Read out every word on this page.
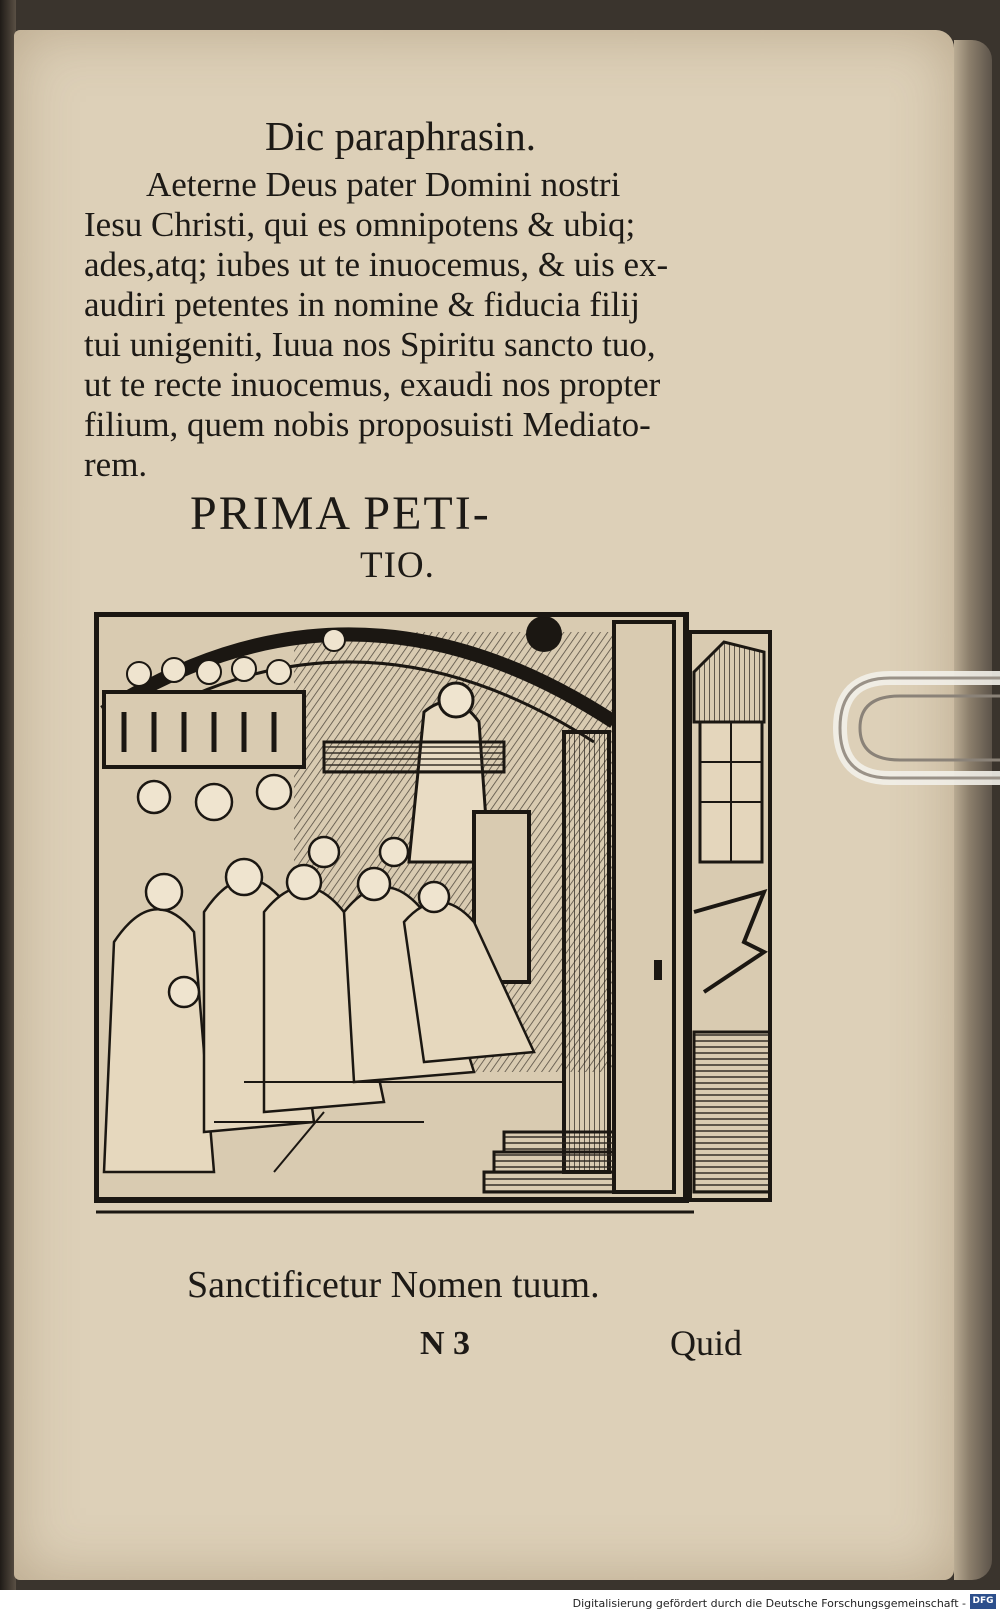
Dic paraphrasin.
Aeterne Deus pater Domini nostri
Iesu Christi, qui es omnipotens & ubiq;
ades,atq; iubes ut te inuocemus, & uis ex-
audiri petentes in nomine & fiducia filij
tui unigeniti, Iuua nos Spiritu sancto tuo,
ut te recte inuocemus, exaudi nos propter
filium, quem nobis proposuisti Mediato-
rem.
PRIMA PETI-
TIO.
Sanctificetur Nomen tuum.
N 3	Quid
Digitalisierung gefördert durch die Deutsche Forschungsgemeinschaft - DFG
